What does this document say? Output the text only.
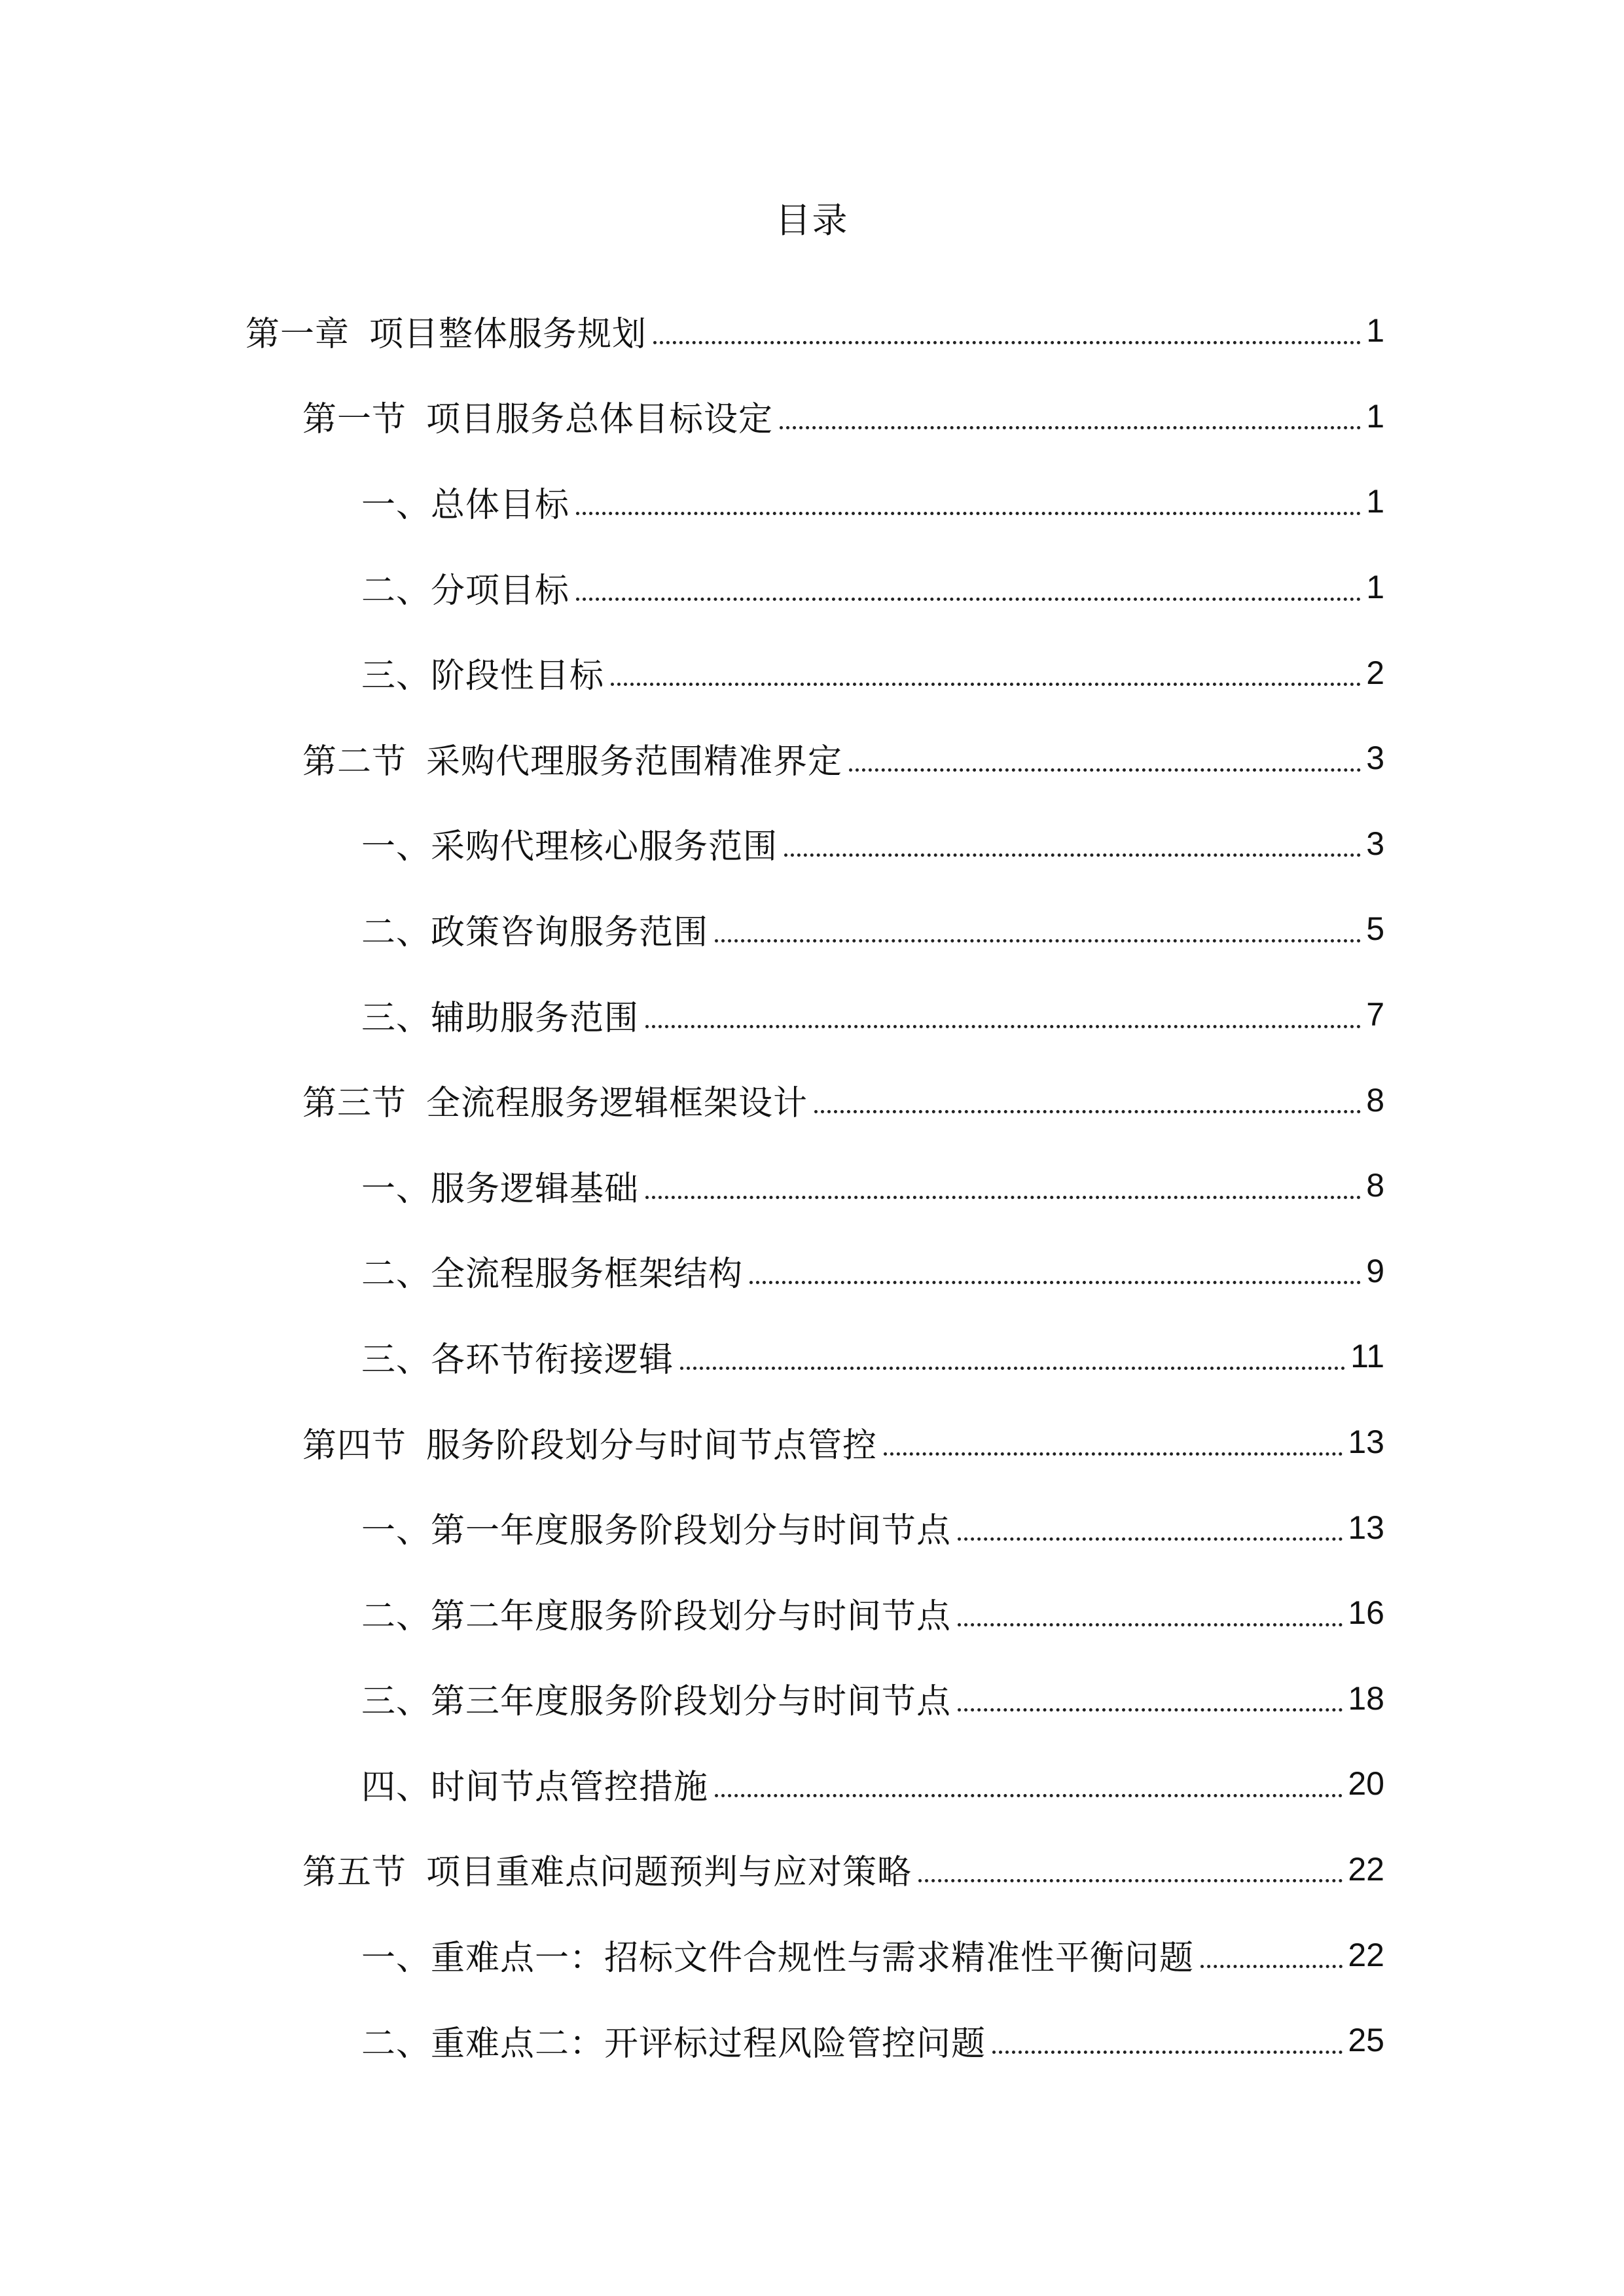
目录
第一章 项目整体服务规划	1
第一节 项目服务总体目标设定	1
一、 总体目标	1
二、 分项目标	1
三、 阶段性目标	2
第二节 采购代理服务范围精准界定	3
一、 采购代理核心服务范围	3
二、 政策咨询服务范围	5
三、 辅助服务范围	7
第三节 全流程服务逻辑框架设计	8
一、 服务逻辑基础	8
二、 全流程服务框架结构	9
三、 各环节衔接逻辑	11
第四节 服务阶段划分与时间节点管控	13
一、 第一年度服务阶段划分与时间节点	13
二、 第二年度服务阶段划分与时间节点	16
三、 第三年度服务阶段划分与时间节点	18
四、 时间节点管控措施	20
第五节 项目重难点问题预判与应对策略	22
一、 重难点一：招标文件合规性与需求精准性平衡问题	22
二、 重难点二：开评标过程风险管控问题	25
